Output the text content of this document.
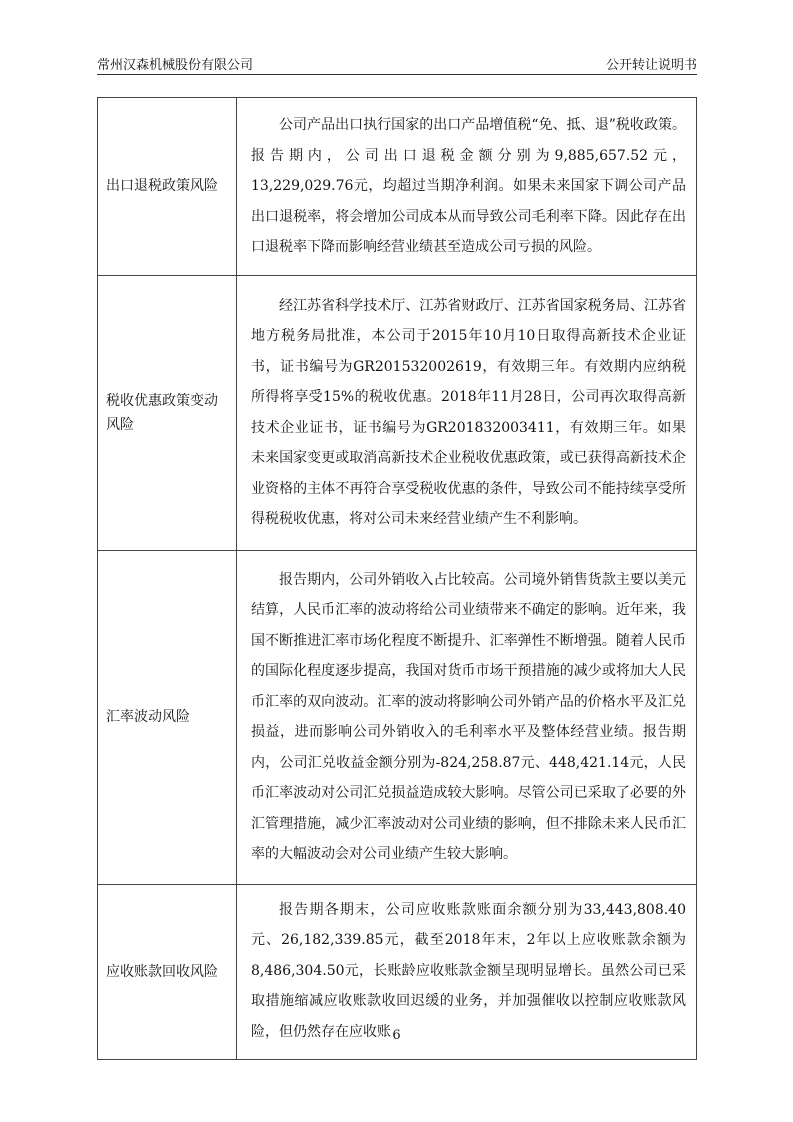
常州汉森机械股份有限公司	公开转让说明书
出口退税政策风险	公司产品出口执行国家的出口产品增值税“免、抵、退”税收政策。报告期内，公司出口退税金额分别为9,885,657.52元，13,229,029.76元，均超过当期净利润。如果未来国家下调公司产品出口退税率，将会增加公司成本从而导致公司毛利率下降。因此存在出口退税率下降而影响经营业绩甚至造成公司亏损的风险。
税收优惠政策变动风险	经江苏省科学技术厅、江苏省财政厅、江苏省国家税务局、江苏省地方税务局批准，本公司于2015年10月10日取得高新技术企业证书，证书编号为GR201532002619，有效期三年。有效期内应纳税所得将享受15%的税收优惠。2018年11月28日，公司再次取得高新技术企业证书，证书编号为GR201832003411，有效期三年。如果未来国家变更或取消高新技术企业税收优惠政策，或已获得高新技术企业资格的主体不再符合享受税收优惠的条件，导致公司不能持续享受所得税税收优惠，将对公司未来经营业绩产生不利影响。
汇率波动风险	报告期内，公司外销收入占比较高。公司境外销售货款主要以美元结算，人民币汇率的波动将给公司业绩带来不确定的影响。近年来，我国不断推进汇率市场化程度不断提升、汇率弹性不断增强。随着人民币的国际化程度逐步提高，我国对货币市场干预措施的减少或将加大人民币汇率的双向波动。汇率的波动将影响公司外销产品的价格水平及汇兑损益，进而影响公司外销收入的毛利率水平及整体经营业绩。报告期内，公司汇兑收益金额分别为-824,258.87元、448,421.14元，人民币汇率波动对公司汇兑损益造成较大影响。尽管公司已采取了必要的外汇管理措施，减少汇率波动对公司业绩的影响，但不排除未来人民币汇率的大幅波动会对公司业绩产生较大影响。
应收账款回收风险	报告期各期末，公司应收账款账面余额分别为33,443,808.40元、26,182,339.85元，截至2018年末，2年以上应收账款余额为8,486,304.50元，长账龄应收账款金额呈现明显增长。虽然公司已采取措施缩减应收账款收回迟缓的业务，并加强催收以控制应收账款风险，但仍然存在应收账 6
